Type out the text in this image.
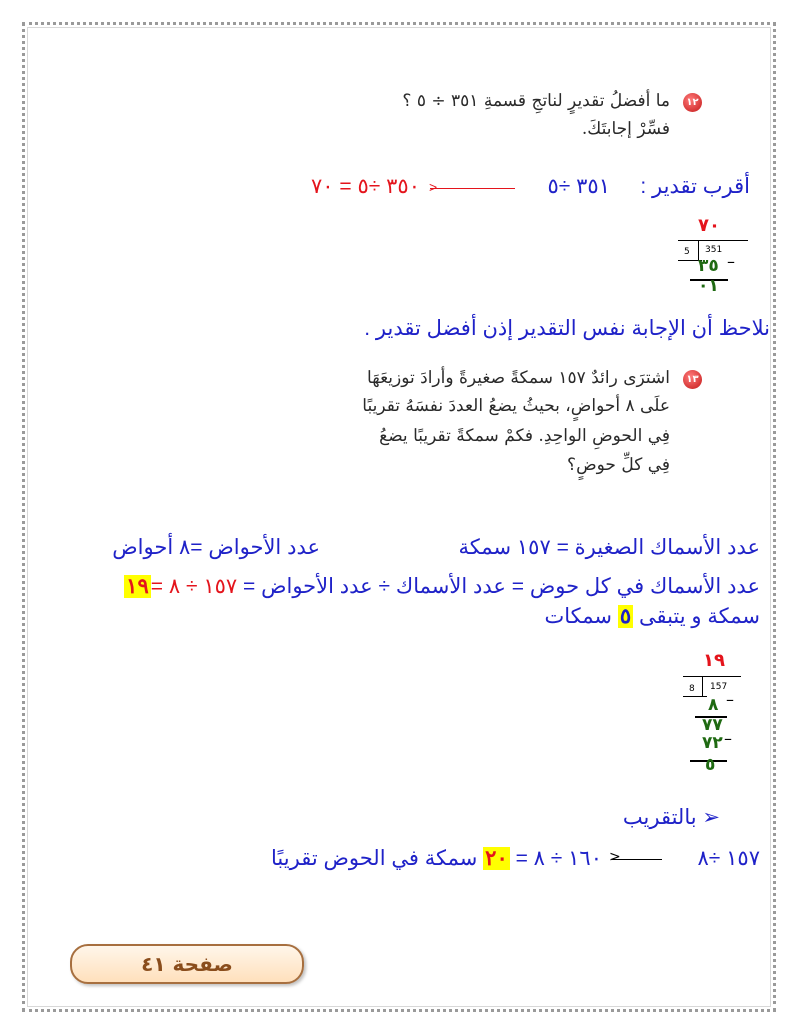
١٢
ما أفضلُ تقديرٍ لناتجِ قسمةِ ٣٥١ ÷ ٥ ؟
فسِّرْ إجابتَكَ.
أقرب تقدير :
٣٥١ ÷٥
<
٣٥٠ ÷٥ = ٧٠
٧٠
5 351
٣٥ –
٠١
نلاحظ أن الإجابة نفس التقدير إذن أفضل تقدير .
١٣
اشترَى رائدٌ ١٥٧ سمكةً صغيرةً وأرادَ توزيعَهَا
علَى ٨ أحواضٍ، بحيثُ يضعُ العددَ نفسَهُ تقريبًا
فِي الحوضِ الواحِدِ. فكمْ سمكةً تقريبًا يضعُ
فِي كلِّ حوضٍ؟
عدد الأسماك الصغيرة = ١٥٧ سمكة
عدد الأحواض =٨ أحواض
عدد الأسماك في كل حوض = عدد الأسماك ÷ عدد الأحواض = ١٥٧ ÷ ٨ =١٩
سمكة و يتبقى ٥ سمكات
١٩
8 157
٨ –
٧٧
٧٢ –
٥
➢ بالتقريب
١٥٧ ÷٨
<
١٦٠ ÷ ٨ = ٢٠ سمكة في الحوض تقريبًا
صفحة ٤١
